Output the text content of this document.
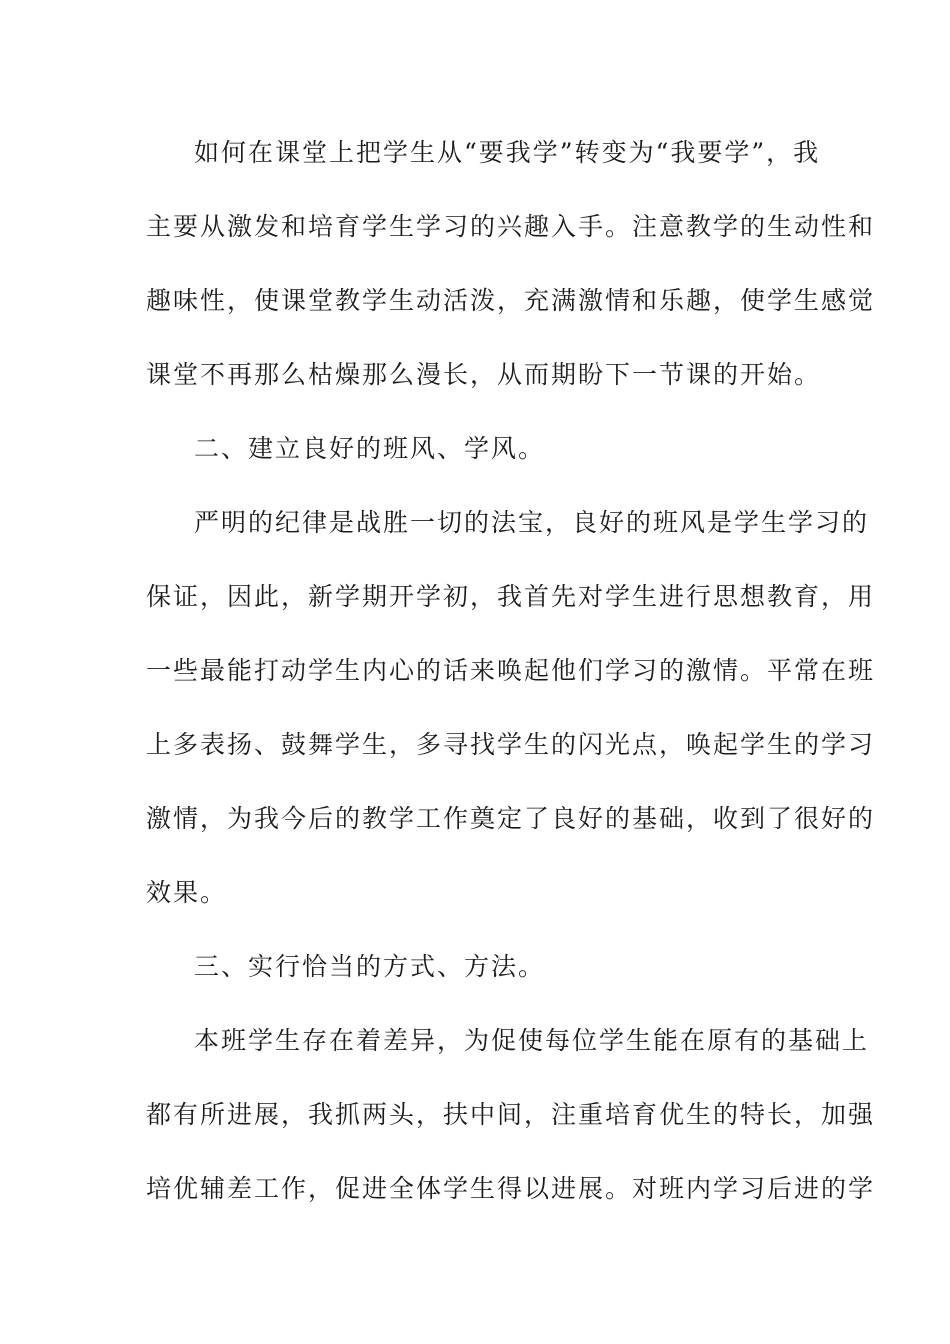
如何在课堂上把学生从“要我学”转变为“我要学”，我
主要从激发和培育学生学习的兴趣入手。注意教学的生动性和
趣味性，使课堂教学生动活泼，充满激情和乐趣，使学生感觉
课堂不再那么枯燥那么漫长，从而期盼下一节课的开始。
二、建立良好的班风、学风。
严明的纪律是战胜一切的法宝，良好的班风是学生学习的
保证，因此，新学期开学初，我首先对学生进行思想教育，用
一些最能打动学生内心的话来唤起他们学习的激情。平常在班
上多表扬、鼓舞学生，多寻找学生的闪光点，唤起学生的学习
激情，为我今后的教学工作奠定了良好的基础，收到了很好的
效果。
三、实行恰当的方式、方法。
本班学生存在着差异，为促使每位学生能在原有的基础上
都有所进展，我抓两头，扶中间，注重培育优生的特长，加强
培优辅差工作，促进全体学生得以进展。对班内学习后进的学
